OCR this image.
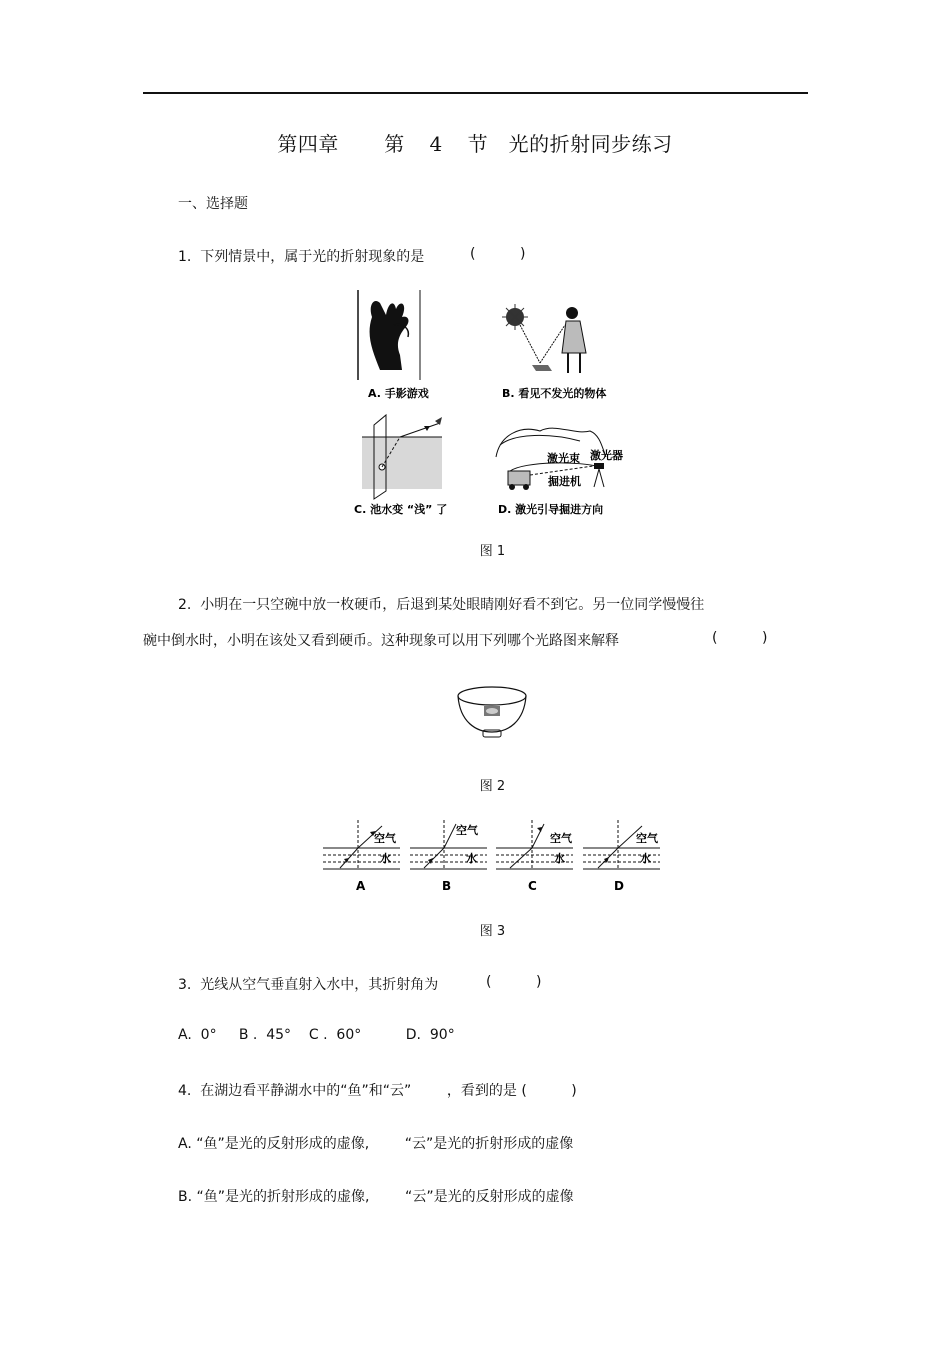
第四章　 第 4 节　光的折射同步练习
一、选择题
1.  下列情景中，属于光的折射现象的是	(          )
A. 手影游戏	B. 看见不发光的物体
C. 池水变 “浅” 了
激光束 激光器
掘进机
D. 激光引导掘进方向
图 1
2.  小明在一只空碗中放一枚硬币，后退到某处眼睛刚好看不到它。另一位同学慢慢往
碗中倒水时，小明在该处又看到硬币。这种现象可以用下列哪个光路图来解释	(          )
图 2
空气
水
A
空气
水
B
空气
水
C
空气
水
D
图 3
3.  光线从空气垂直射入水中，其折射角为	(          )
A.  0°     B .  45°    C .  60°          D.  90°
4.  在湖边看平静湖水中的“鱼”和“云”        ，看到的是 (          )
A. “鱼”是光的反射形成的虚像,        “云”是光的折射形成的虚像
B. “鱼”是光的折射形成的虚像,        “云”是光的反射形成的虚像
